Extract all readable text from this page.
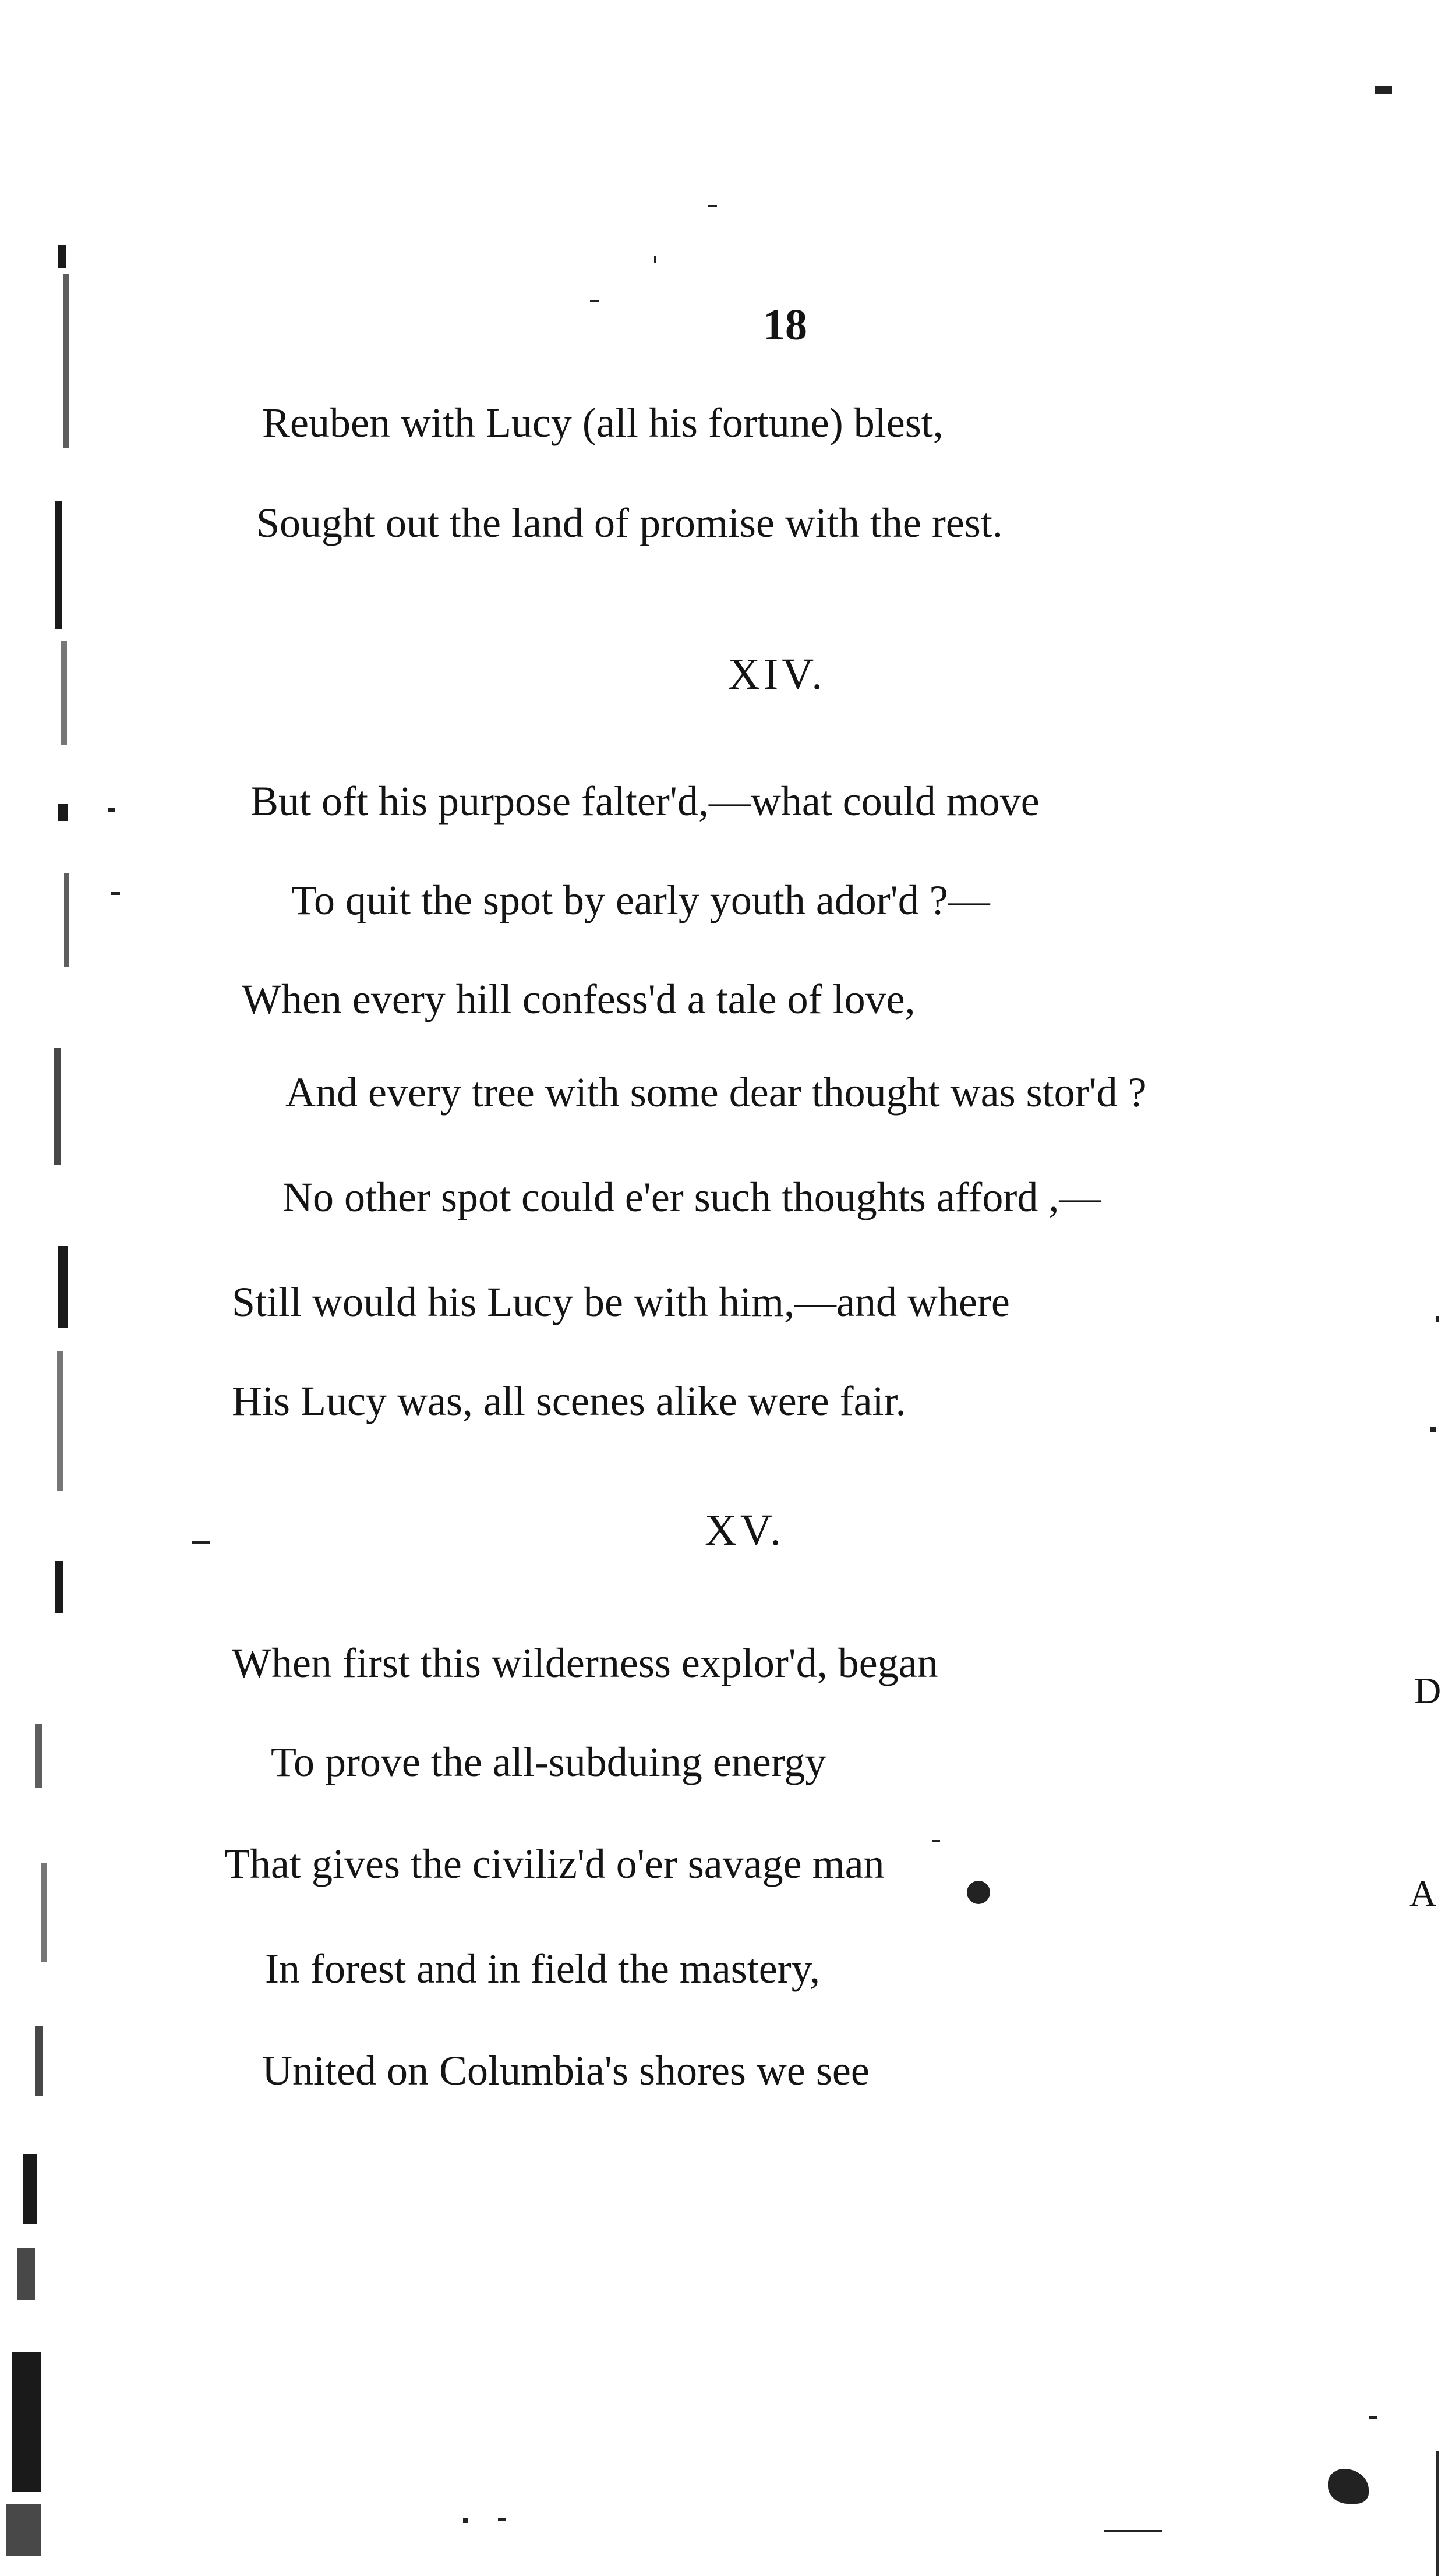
D
A
18
Reuben with Lucy (all his fortune) blest,
Sought out the land of promise with the rest.
XIV.
But oft his purpose falter'd,—what could move
To quit the spot by early youth ador'd ?—
When every hill confess'd a tale of love,
And every tree with some dear thought was stor'd ?
No other spot could e'er such thoughts afford ,—
Still would his Lucy be with him,—and where
His Lucy was, all scenes alike were fair.
XV.
When first this wilderness explor'd, began
To prove the all-subduing energy
That gives the civiliz'd o'er savage man
In forest and in field the mastery,
United on Columbia's shores we see
